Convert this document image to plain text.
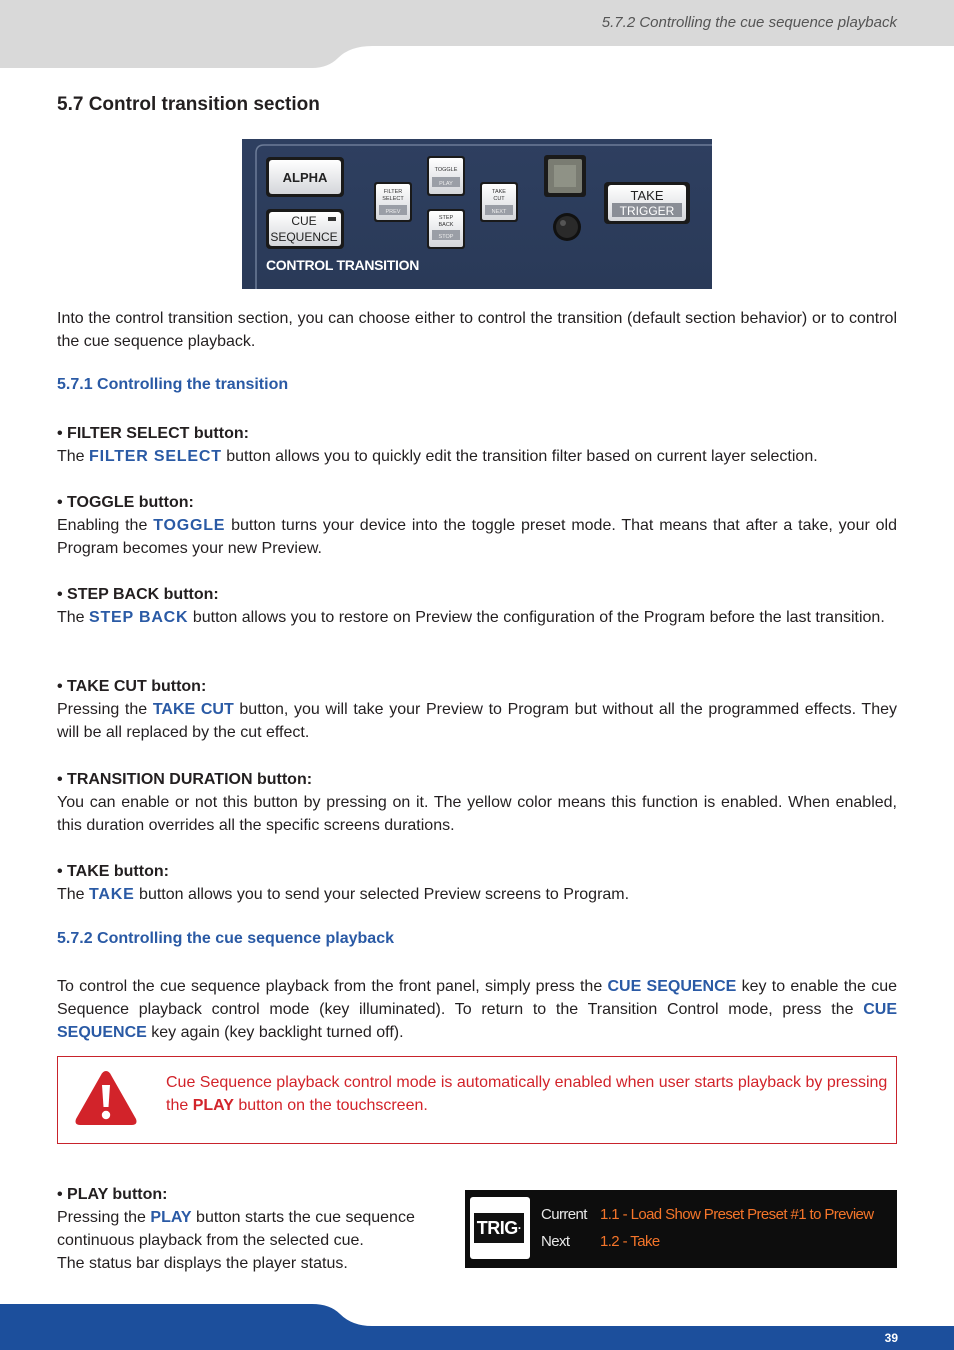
5.7.2 Controlling the cue sequence playback
5.7 Control transition section
ALPHA
CUE
SEQUENCE
FILTER
SELECT
PREV
TOGGLE
PLAY
STEP
BACK
STOP
TAKE
CUT
NEXT
TAKE
TRIGGER
CONTROL TRANSITION

Into the control transition section, you can choose either to control the transition (default section behavior) or to control the cue sequence playback.

5.7.1 Controlling the transition

• FILTER SELECT button:

The FILTER SELECT button allows you to quickly edit the transition filter based on current layer selection.

• TOGGLE button:

Enabling the TOGGLE button turns your device into the toggle preset mode. That means that after a take, your old Program becomes your new Preview.

• STEP BACK button:

The STEP BACK button allows you to restore on Preview the configuration of the Program before the last transition.

• TAKE CUT button:

Pressing the TAKE CUT button, you will take your Preview to Program but without all the programmed effects. They will be all replaced by the cut effect.

• TRANSITION DURATION button:

You can enable or not this button by pressing on it. The yellow color means this function is enabled. When enabled, this duration overrides all the specific screens durations.

• TAKE button:

The TAKE button allows you to send your selected Preview screens to Program.

5.7.2 Controlling the cue sequence playback

To control the cue sequence playback from the front panel, simply press the CUE SEQUENCE key to enable the cue Sequence playback control mode (key illuminated). To return to the Transition Control mode, press the CUE SEQUENCE key again (key backlight turned off).

Cue Sequence playback control mode is automatically enabled when user starts playback by pressing the PLAY button on the touchscreen.

• PLAY button:

Pressing the PLAY button starts the cue sequence continuous playback from the selected cue.

The status bar displays the player status.

TRIG·
Current 1.1 - Load Show Preset Preset #1 to Preview
Next 1.2 - Take
39
